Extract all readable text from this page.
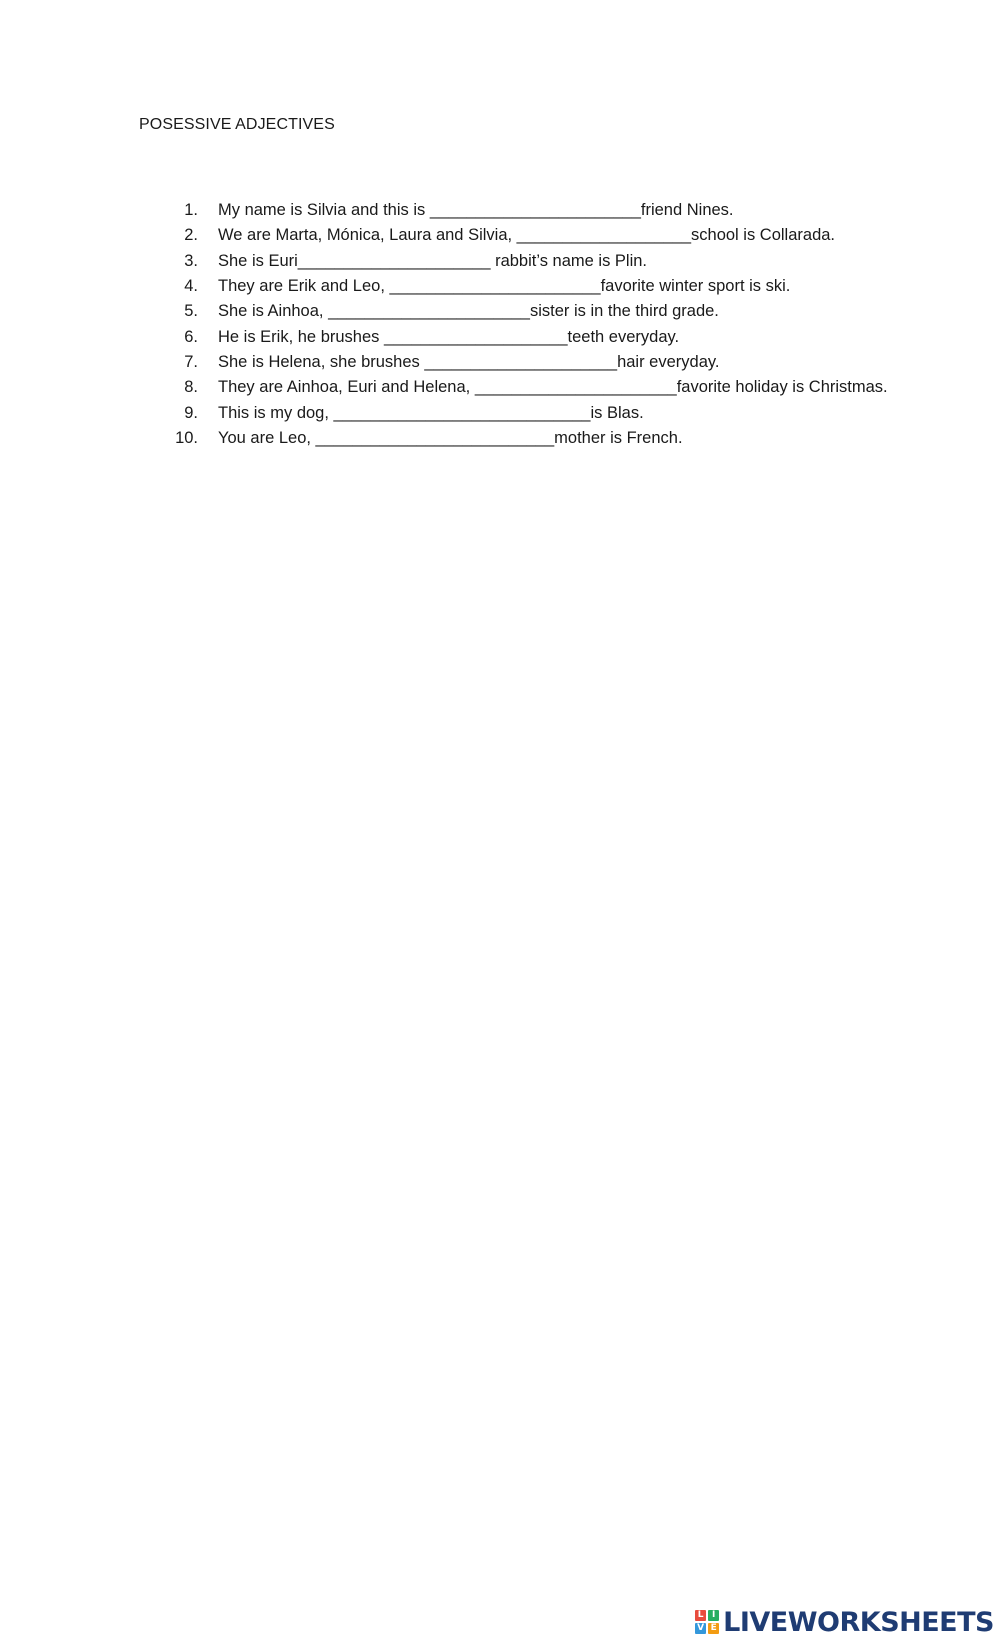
POSESSIVE ADJECTIVES
1. My name is Silvia and this is _______________________friend Nines.
2. We are Marta, Mónica, Laura and Silvia, ___________________school is Collarada.
3. She is Euri_____________________ rabbit’s name is Plin.
4. They are Erik and Leo, _______________________favorite winter sport is ski.
5. She is Ainhoa, ______________________sister is in the third grade.
6. He is Erik, he brushes ____________________teeth everyday.
7. She is Helena, she brushes _____________________hair everyday.
8. They are Ainhoa, Euri and Helena, ______________________favorite holiday is Christmas.
9. This is my dog, ____________________________is Blas.
10. You are Leo, __________________________mother is French.
L I
V E LIVEWORKSHEETS
